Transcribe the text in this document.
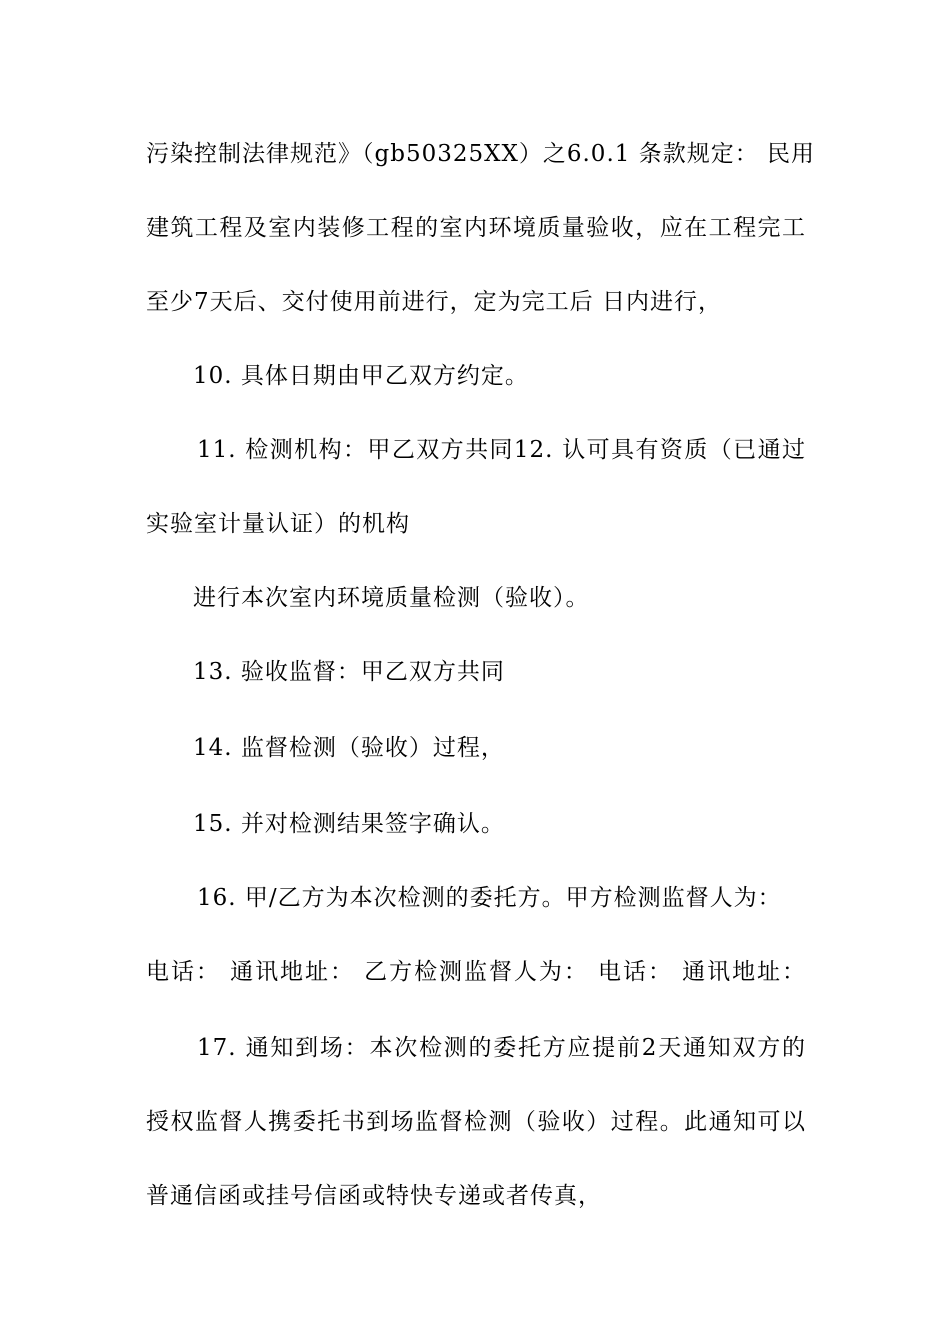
污染控制法律规范》（gb50325XX）之6.0.1 条款规定： 民用
建筑工程及室内装修工程的室内环境质量验收，应在工程完工
至少7天后、交付使用前进行，定为完工后 日内进行，
10. 具体日期由甲乙双方约定。
11. 检测机构：甲乙双方共同12. 认可具有资质（已通过
实验室计量认证）的机构
进行本次室内环境质量检测（验收）。
13. 验收监督：甲乙双方共同
14. 监督检测（验收）过程，
15. 并对检测结果签字确认。
16. 甲/乙方为本次检测的委托方。甲方检测监督人为：
电话： 通讯地址： 乙方检测监督人为： 电话： 通讯地址：
17. 通知到场：本次检测的委托方应提前2天通知双方的
授权监督人携委托书到场监督检测（验收）过程。此通知可以
普通信函或挂号信函或特快专递或者传真，
